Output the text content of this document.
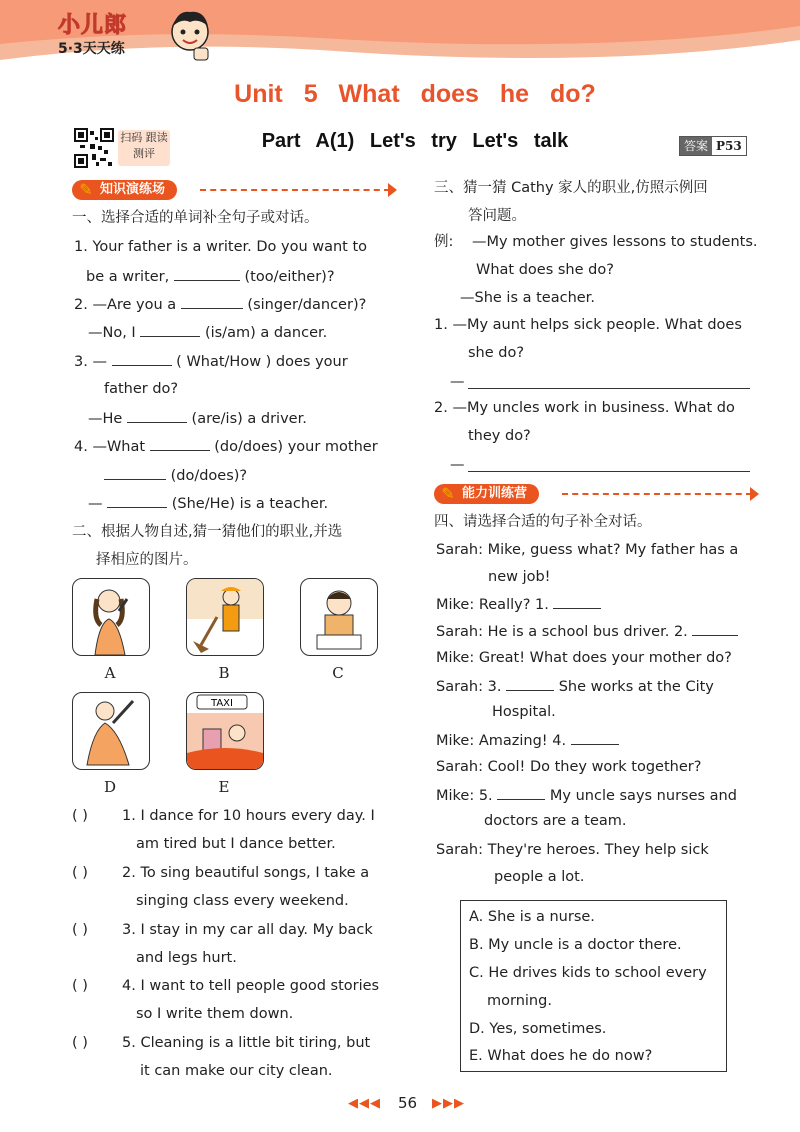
小儿郎
5·3天天练
Unit 5 What does he do?
扫码 跟读测评
Part A(1) Let's try Let's talk	答案 P53
知识演练场
✎
一、选择合适的单词补全句子或对话。
1. Your father is a writer. Do you want to
be a writer,	(too/either)?
2. —Are you a	(singer/dancer)?
—No, I	(is/am) a dancer.
3. —	( What/How ) does your
father do?
—He	(are/is) a driver.
4. —What	(do/does) your mother
(do/does)?
—	(She/He) is a teacher.
二、根据人物自述,猜一猜他们的职业,并选
择相应的图片。
A	B	C
TAXI
D	E
( ) 1. I dance for 10 hours every day. I
am tired but I dance better.
( ) 2. To sing beautiful songs, I take a
singing class every weekend.
( ) 3. I stay in my car all day. My back
and legs hurt.
( ) 4. I want to tell people good stories
so I write them down.
( ) 5. Cleaning is a little bit tiring, but
it can make our city clean.
三、猜一猜 Cathy 家人的职业,仿照示例回
答问题。
例: —My mother gives lessons to students.
What does she do?
—She is a teacher.
1. —My aunt helps sick people. What does
she do?
—
2. —My uncles work in business. What do
they do?
—
能力训练营
✎
四、请选择合适的句子补全对话。
Sarah: Mike, guess what? My father has a
new job!
Mike: Really? 1.
Sarah: He is a school bus driver. 2.
Mike: Great! What does your mother do?
Sarah: 3.	She works at the City
Hospital.
Mike: Amazing! 4.
Sarah: Cool! Do they work together?
Mike: 5.	My uncle says nurses and
doctors are a team.
Sarah: They're heroes. They help sick
people a lot.
A. She is a nurse.
B. My uncle is a doctor there.
C. He drives kids to school every
morning.
D. Yes, sometimes.
E. What does he do now?
◀◀◀ 56 ▶▶▶
